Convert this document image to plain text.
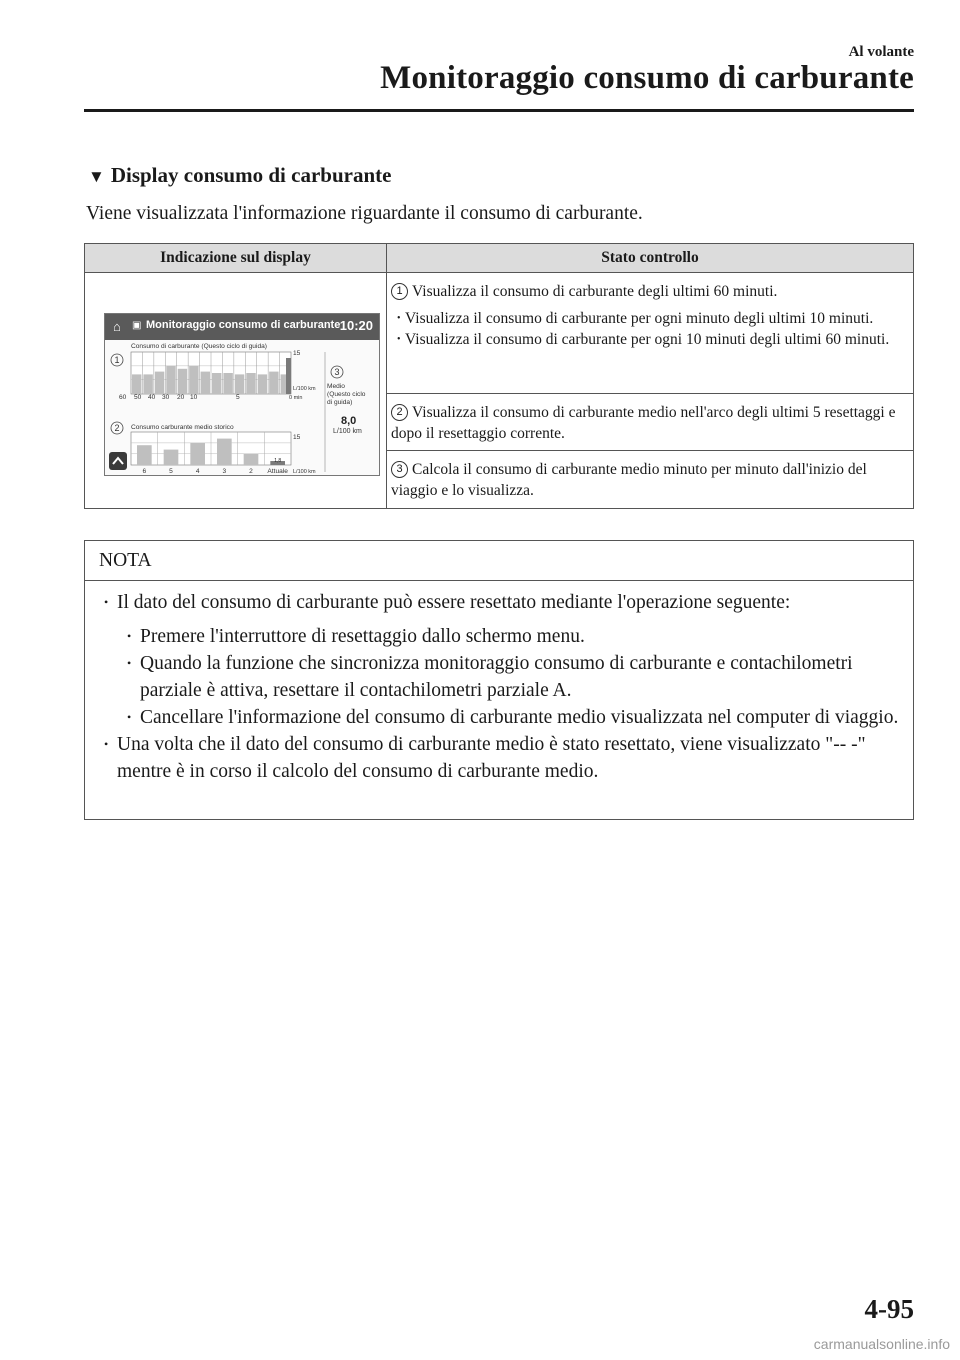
Al volante
Monitoraggio consumo di carburante
▼ Display consumo di carburante
Viene visualizzata l'informazione riguardante il consumo di carburante.
Indicazione sul display	Stato controllo

	1 Visualizza il consumo di carburante degli ultimi 60 minuti.
• Visualizza il consumo di carburante per ogni minuto degli ultimi 10 minuti.
• Visualizza il consumo di carburante per ogni 10 minuti degli ultimi 60 minuti.

	2 Visualizza il consumo di carburante medio nell'arco degli ultimi 5 resettaggi e dopo il resettaggio corrente.
	3 Calcola il consumo di carburante medio minuto per minuto dall'inizio del viaggio e lo visualizza.
⌂ ▣ Monitoraggio consumo di carburante 10:20
1
2
3
Consumo di carburante (Questo ciclo di guida)
15
L/100 km
0 min
60 50 40 30 20 10	5
Medio
(Questo ciclo
di guida)
8,0
L/100 km
Consumo carburante medio storico
1,8
15
L/100 km
6	5	4	3	2 Attuale
NOTA
• Il dato del consumo di carburante può essere resettato mediante l'operazione seguente:
• Premere l'interruttore di resettaggio dallo schermo menu.
• Quando la funzione che sincronizza monitoraggio consumo di carburante e contachilometri parziale è attiva, resettare il contachilometri parziale A.
• Cancellare l'informazione del consumo di carburante medio visualizzata nel computer di viaggio.
• Una volta che il dato del consumo di carburante medio è stato resettato, viene visualizzato "-- -" mentre è in corso il calcolo del consumo di carburante medio.
4-95
carmanualsonline.info
